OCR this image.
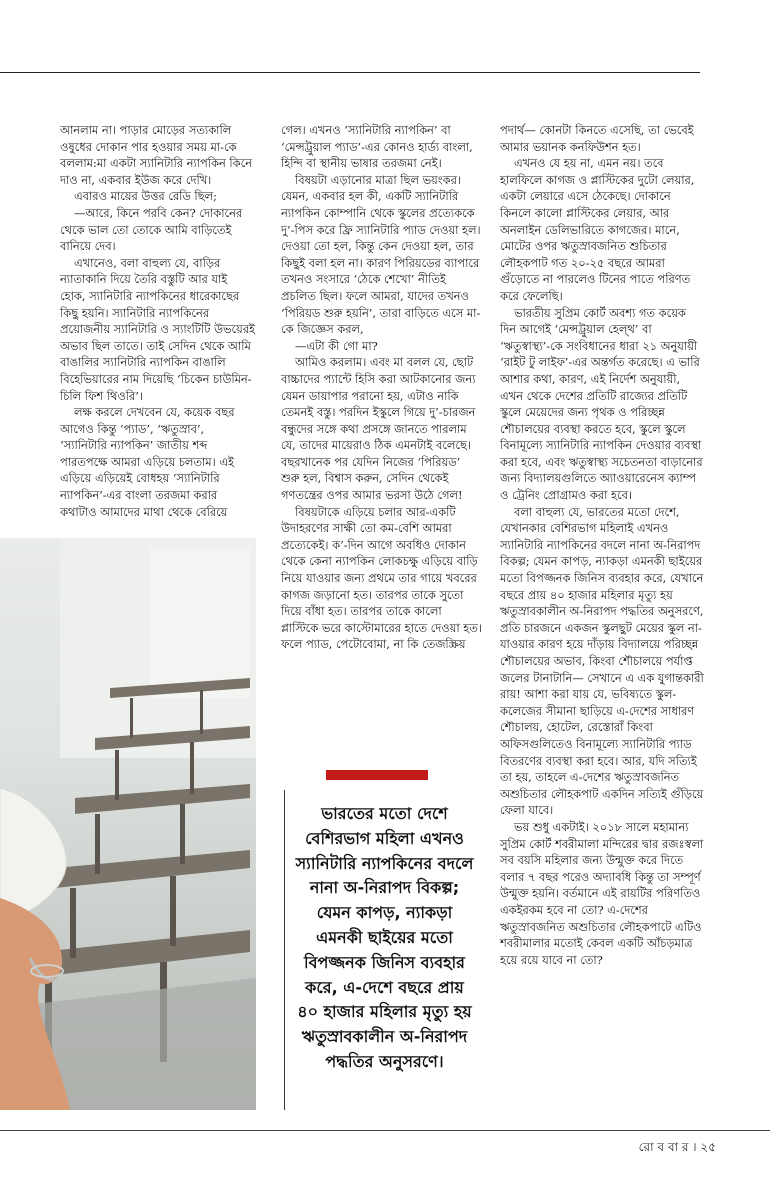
আনলাম না। পাড়ার মোড়ের সত্যকালি ওষুধের দোকান পার হওয়ার সময় মা-কে বললাম:মা একটা স্যানিটারি ন্যাপকিন কিনে দাও না, একবার ইউজ করে দেখি।

এবারও মায়ের উত্তর রেডি ছিল;

—আরে, কিনে পরবি কেন? দোকানের থেকে ভাল তো তোকে আমি বাড়িতেই বানিয়ে দেব।

এখানেও, বলা বাহুল্য যে, বাড়ির ন্যাতাকানি দিয়ে তৈরি বস্তুটি আর যাই হোক, স্যানিটারি ন্যাপকিনের ধারেকাছের কিছু হয়নি। স্যানিটারি ন্যাপকিনের প্রয়োজনীয় স্যানিটারি ও স্যাংটিটি উভয়েরই অভাব ছিল তাতে। তাই সেদিন থেকে আমি বাঙালির স্যানিটারি ন্যাপকিন বাঙালি বিহেভিয়ারের নাম দিয়েছি ‘চিকেন চাউমিন-চিলি ফিশ থিওরি’।

লক্ষ করলে দেখবেন যে, কয়েক বছর আগেও কিন্তু ‘প্যাড’, ‘ঋতুস্রাব’, ‘স্যানিটারি ন্যাপকিন’ জাতীয় শব্দ পারতপক্ষে আমরা এড়িয়ে চলতাম। এই এড়িয়ে এড়িয়েই বোধহয় ‘স্যানিটারি ন্যাপকিন’-এর বাংলা তরজমা করার কথাটাও আমাদের মাথা থেকে বেরিয়ে

গেল। এখনও ‘স্যানিটারি ন্যাপকিন’ বা ‘মেন্সট্রুয়াল প্যাড’-এর কোনও হার্ড্য বাংলা, হিন্দি বা স্থানীয় ভাষার তরজমা নেই।

বিষয়টা এড়ানোর মাত্রা ছিল ভয়ংকর। যেমন, একবার হল কী, একটি স্যানিটারি ন্যাপকিন কোম্পানি থেকে স্কুলের প্রত্যেককে দু’-পিস করে ফ্রি স্যানিটারি প্যাড দেওয়া হল। দেওয়া তো হল, কিন্তু কেন দেওয়া হল, তার কিছুই বলা হল না। কারণ পিরিয়ডের ব্যাপারে তখনও সংসারে ‘ঠেকে শেখো’ নীতিই প্রচলিত ছিল। ফলে আমরা, যাদের তখনও ‘পিরিয়ড শুরু হয়নি’, তারা বাড়িতে এসে মা-কে জিজ্ঞেস করল,

—এটা কী গো মা?

আমিও করলাম। এবং মা বলল যে, ছোট বাচ্চাদের প্যান্টে হিসি করা আটকানোর জন্য যেমন ডায়াপার পরানো হয়, এটাও নাকি তেমনই বস্তু। পরদিন ইস্কুলে গিয়ে দু’-চারজন বন্ধুদের সঙ্গে কথা প্রসঙ্গে জানতে পারলাম যে, তাদের মায়েরাও ঠিক এমনটাই বলেছে। বছরখানেক পর যেদিন নিজের ‘পিরিয়ড’ শুরু হল, বিশ্বাস করুন, সেদিন থেকেই গণতন্ত্রের ওপর আমার ভরসা উঠে গেল!

বিষয়টাকে এড়িয়ে চলার আর-একটি উদাহরণের সাক্ষী তো কম-বেশি আমরা প্রত্যেকেই। ক’-দিন আগে অবধিও দোকান থেকে কেনা ন্যাপকিন লোকচক্ষু এড়িয়ে বাড়ি নিয়ে যাওয়ার জন্য প্রথমে তার গায়ে খবরের কাগজ জড়ানো হত। তারপর তাকে সুতো দিয়ে বাঁধা হত। তারপর তাকে কালো প্লাস্টিকে ভরে কাস্টোমারের হাতে দেওয়া হত। ফলে প্যাড, পেটোবোমা, না কি তেজস্ক্রিয়

ভারতের মতো দেশে বেশিরভাগ মহিলা এখনও স্যানিটারি ন্যাপকিনের বদলে নানা অ-নিরাপদ বিকল্প; যেমন কাপড়, ন্যাকড়া এমনকী ছাইয়ের মতো বিপজ্জনক জিনিস ব্যবহার করে, এ-দেশে বছরে প্রায় ৪০ হাজার মহিলার মৃত্যু হয় ঋতুস্রাবকালীন অ-নিরাপদ পদ্ধতির অনুসরণে।

পদার্থ— কোনটা কিনতে এসেছি, তা ভেবেই আমার ভয়ানক কনফিউশন হত।

এখনও যে হয় না, এমন নয়। তবে হালফিলে কাগজ ও প্লাস্টিকের দুটো লেয়ার, একটা লেয়ারে এসে ঠেকেছে। দোকানে কিনলে কালো প্লাস্টিকের লেয়ার, আর অনলাইন ডেলিভারিতে কাগজের। মানে, মোটের ওপর ঋতুস্রাবজনিত শুচিতার লৌহকপাট গত ২০-২৫ বছরে আমরা গুঁড়োতে না পারলেও টিনের পাতে পরিণত করে ফেলেছি।

ভারতীয় সুপ্রিম কোর্ট অবশ্য গত কয়েক দিন আগেই ‘মেন্সট্রুয়াল হেল্থ’ বা ‘ঋতুস্বাস্থ্য’-কে সংবিধানের ধারা ২১ অনুযায়ী ‘রাইট টু লাইফ’-এর অন্তর্গত করেছে। এ ভারি আশার কথা, কারণ, এই নির্দেশ অনুযায়ী, এখন থেকে দেশের প্রতিটি রাজ্যের প্রতিটি স্কুলে মেয়েদের জন্য পৃথক ও পরিচ্ছন্ন শৌচালয়ের ব্যবস্থা করতে হবে, স্কুলে স্কুলে বিনামূল্যে স্যানিটারি ন্যাপকিন দেওয়ার ব্যবস্থা করা হবে, এবং ঋতুস্বাস্থ্য সচেতনতা বাড়ানোর জন্য বিদ্যালয়গুলিতে অ্যাওয়ারেনেস ক্যাম্প ও ট্রেনিং প্রোগ্রামও করা হবে।

বলা বাহুল্য যে, ভারতের মতো দেশে, যেখানকার বেশিরভাগ মহিলাই এখনও স্যানিটারি ন্যাপকিনের বদলে নানা অ-নিরাপদ বিকল্প; যেমন কাপড়, ন্যাকড়া এমনকী ছাইয়ের মতো বিপজ্জনক জিনিস ব্যবহার করে, যেখানে বছরে প্রায় ৪০ হাজার মহিলার মৃত্যু হয় ঋতুস্রাবকালীন অ-নিরাপদ পদ্ধতির অনুসরণে, প্রতি চারজনে একজন স্কুলছুট মেয়ের স্কুল না-যাওয়ার কারণ হয়ে দাঁড়ায় বিদ্যালয়ে পরিচ্ছন্ন শৌচালয়ের অভাব, কিংবা শৌচালয়ে পর্যাপ্ত জলের টানাটানি— সেখানে এ এক যুগান্তকারী রায়! আশা করা যায় যে, ভবিষ্যতে স্কুল-কলেজের সীমানা ছাড়িয়ে এ-দেশের সাধারণ শৌচালয়, হোটেল, রেস্তোরাঁ কিংবা অফিসগুলিতেও বিনামূল্যে স্যানিটারি প্যাড বিতরণের ব্যবস্থা করা হবে। আর, যদি সত্যিই তা হয়, তাহলে এ-দেশের ঋতুস্রাবজনিত অশুচিতার লৌহকপাট একদিন সত্যিই গুঁড়িয়ে ফেলা যাবে।

ভয় শুধু একটাই। ২০১৮ সালে মহামান্য সুপ্রিম কোর্ট শবরীমালা মন্দিরের দ্বার রজঃস্বলা সব বয়সি মহিলার জন্য উন্মুক্ত করে দিতে বলার ৭ বছর পরেও অদ্যাবধি কিন্তু তা সম্পূর্ণ উন্মুক্ত হয়নি। বর্তমানে এই রায়টির পরিণতিও একইরকম হবে না তো? এ-দেশের ঋতুস্রাবজনিত অশুচিতার লৌহকপাটে এটিও শবরীমালার মতোই কেবল একটি আঁচড়মাত্র হয়ে রয়ে যাবে না তো?

রো ব বা র । ২৫
